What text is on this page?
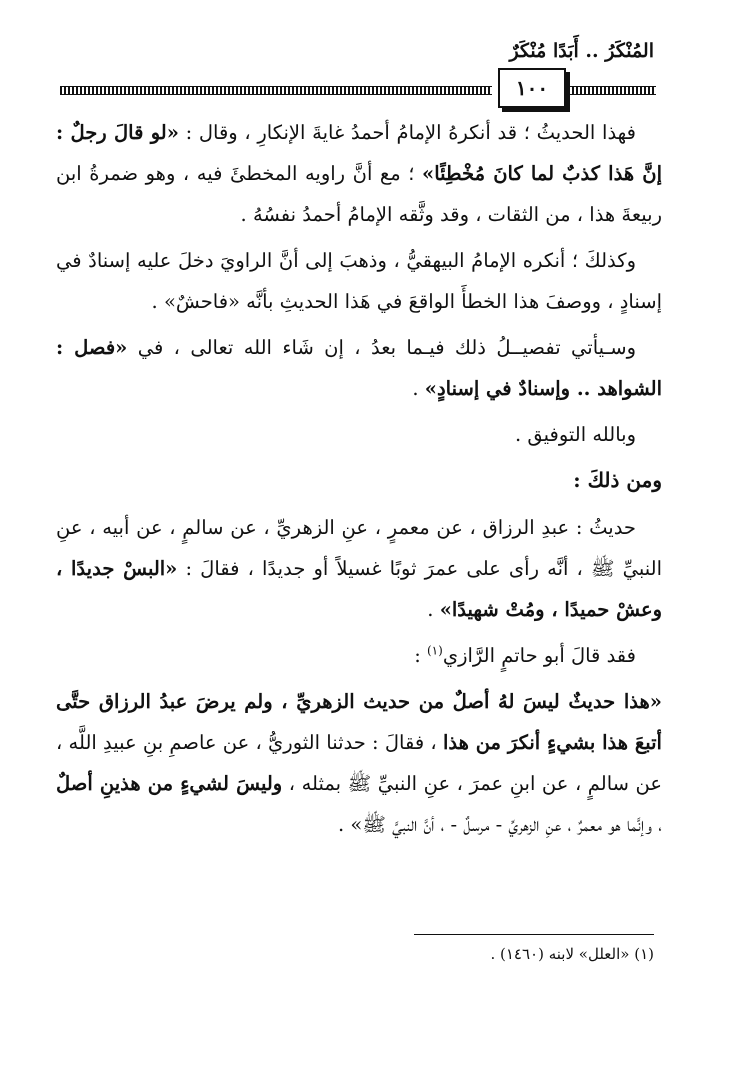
المُنْكَرُ .. أَبَدًا مُنْكَرٌ
١٠٠

فهذا الحديثُ ؛ قد أنكرهُ الإمامُ أحمدُ غايةَ الإنكارِ ، وقال : «لو قالَ رجلٌ : إنَّ هَذا كذبٌ لما كانَ مُخْطِئًا» ؛ مع أنَّ راويه المخطئَ فيه ، وهو ضمرةُ ابن ربيعةَ هذا ، من الثقات ، وقد وثَّقه الإمامُ أحمدُ نفسُهُ .

وكذلكَ ؛ أنكره الإمامُ البيهقيُّ ، وذهبَ إلى أنَّ الراويَ دخلَ عليه إسنادٌ في إسنادٍ ، ووصفَ هذا الخطأَ الواقعَ في هَذا الحديثِ بأنَّه «فاحشٌ» .

وسـيأتي تفصيــلُ ذلك فيـما بعدُ ، إن شَاء الله تعالى ، في «فصل : الشواهد .. وإسنادٌ في إسنادٍ» .

وبالله التوفيق .

ومن ذلكَ :

حديثُ : عبدِ الرزاق ، عن معمرٍ ، عنِ الزهريِّ ، عن سالمٍ ، عن أبيه ، عنِ النبيِّ ﷺ ، أنَّه رأى على عمرَ ثوبًا غسيلاً أو جديدًا ، فقالَ : «البسْ جديدًا ، وعشْ حميدًا ، ومُتْ شهيدًا» .

فقد قالَ أبو حاتمٍ الرَّازي$^{(١)}$ :

«هذا حديثٌ ليسَ لهُ أصلٌ من حديث الزهريِّ ، ولم يرضَ عبدُ الرزاق حتَّى أتبعَ هذا بشيءٍ أنكرَ من هذا ، فقالَ : حدثنا الثوريُّ ، عن عاصمِ بنِ عبيدِ اللَّه ، عن سالمٍ ، عن ابنِ عمرَ ، عنِ النبيِّ ﷺ بمثله ، وليسَ لشيءٍ من هذينِ أصلٌ ، وإنَّما هو معمرٌ ، عنِ الزهريِّ - مرسلٌ - ، أنَّ النبيَّ ﷺ» .

(١) «العلل» لابنه (١٤٦٠) .
